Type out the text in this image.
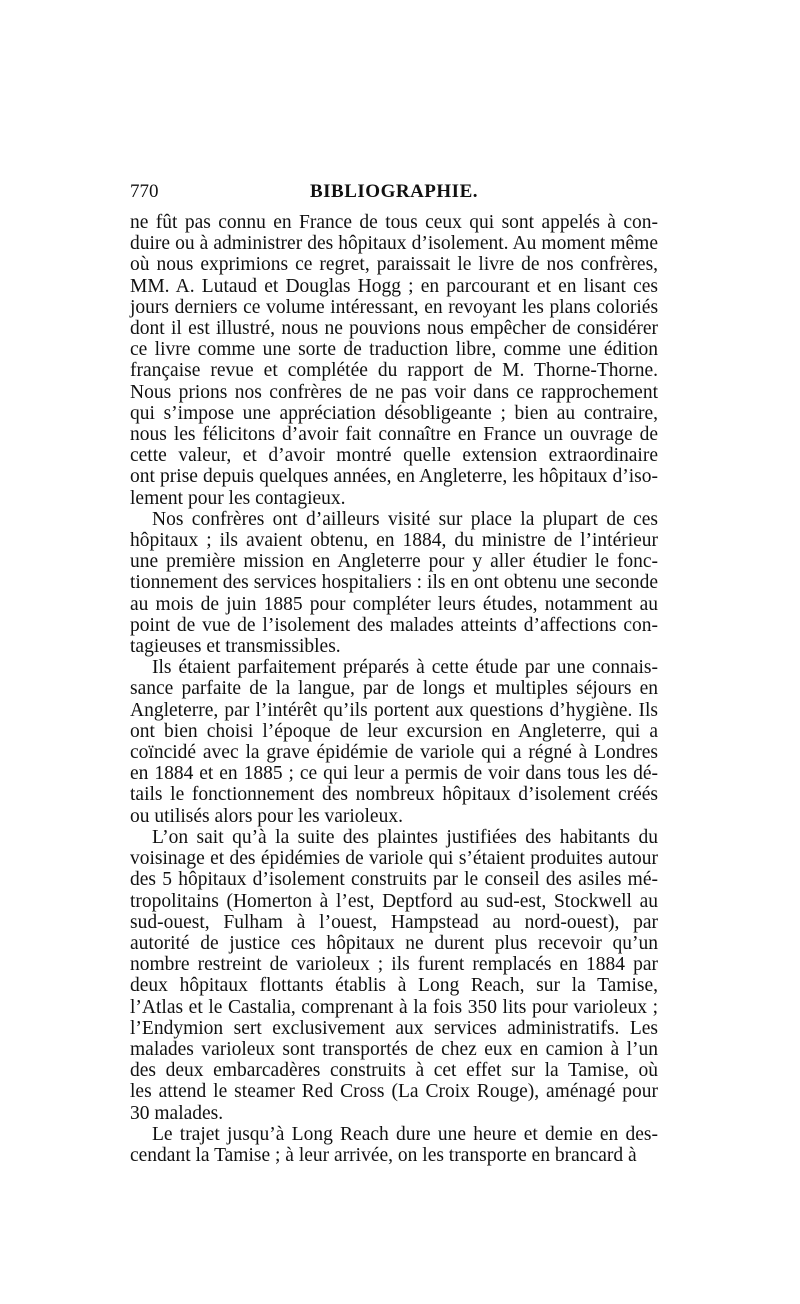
770	BIBLIOGRAPHIE.
ne fût pas connu en France de tous ceux qui sont appelés à con-
duire ou à administrer des hôpitaux d’isolement. Au moment même
où nous exprimions ce regret, paraissait le livre de nos confrères,
MM. A. Lutaud et Douglas Hogg ; en parcourant et en lisant ces
jours derniers ce volume intéressant, en revoyant les plans coloriés
dont il est illustré, nous ne pouvions nous empêcher de considérer
ce livre comme une sorte de traduction libre, comme une édition
française revue et complétée du rapport de M. Thorne-Thorne.
Nous prions nos confrères de ne pas voir dans ce rapprochement
qui s’impose une appréciation désobligeante ; bien au contraire,
nous les félicitons d’avoir fait connaître en France un ouvrage de
cette valeur, et d’avoir montré quelle extension extraordinaire
ont prise depuis quelques années, en Angleterre, les hôpitaux d’iso-
lement pour les contagieux.
Nos confrères ont d’ailleurs visité sur place la plupart de ces
hôpitaux ; ils avaient obtenu, en 1884, du ministre de l’intérieur
une première mission en Angleterre pour y aller étudier le fonc-
tionnement des services hospitaliers : ils en ont obtenu une seconde
au mois de juin 1885 pour compléter leurs études, notamment au
point de vue de l’isolement des malades atteints d’affections con-
tagieuses et transmissibles.
Ils étaient parfaitement préparés à cette étude par une connais-
sance parfaite de la langue, par de longs et multiples séjours en
Angleterre, par l’intérêt qu’ils portent aux questions d’hygiène. Ils
ont bien choisi l’époque de leur excursion en Angleterre, qui a
coïncidé avec la grave épidémie de variole qui a régné à Londres
en 1884 et en 1885 ; ce qui leur a permis de voir dans tous les dé-
tails le fonctionnement des nombreux hôpitaux d’isolement créés
ou utilisés alors pour les varioleux.
L’on sait qu’à la suite des plaintes justifiées des habitants du
voisinage et des épidémies de variole qui s’étaient produites autour
des 5 hôpitaux d’isolement construits par le conseil des asiles mé-
tropolitains (Homerton à l’est, Deptford au sud-est, Stockwell au
sud-ouest, Fulham à l’ouest, Hampstead au nord-ouest), par
autorité de justice ces hôpitaux ne durent plus recevoir qu’un
nombre restreint de varioleux ; ils furent remplacés en 1884 par
deux hôpitaux flottants établis à Long Reach, sur la Tamise,
l’Atlas et le Castalia, comprenant à la fois 350 lits pour varioleux ;
l’Endymion sert exclusivement aux services administratifs. Les
malades varioleux sont transportés de chez eux en camion à l’un
des deux embarcadères construits à cet effet sur la Tamise, où
les attend le steamer Red Cross (La Croix Rouge), aménagé pour
30 malades.
Le trajet jusqu’à Long Reach dure une heure et demie en des-
cendant la Tamise ; à leur arrivée, on les transporte en brancard à
